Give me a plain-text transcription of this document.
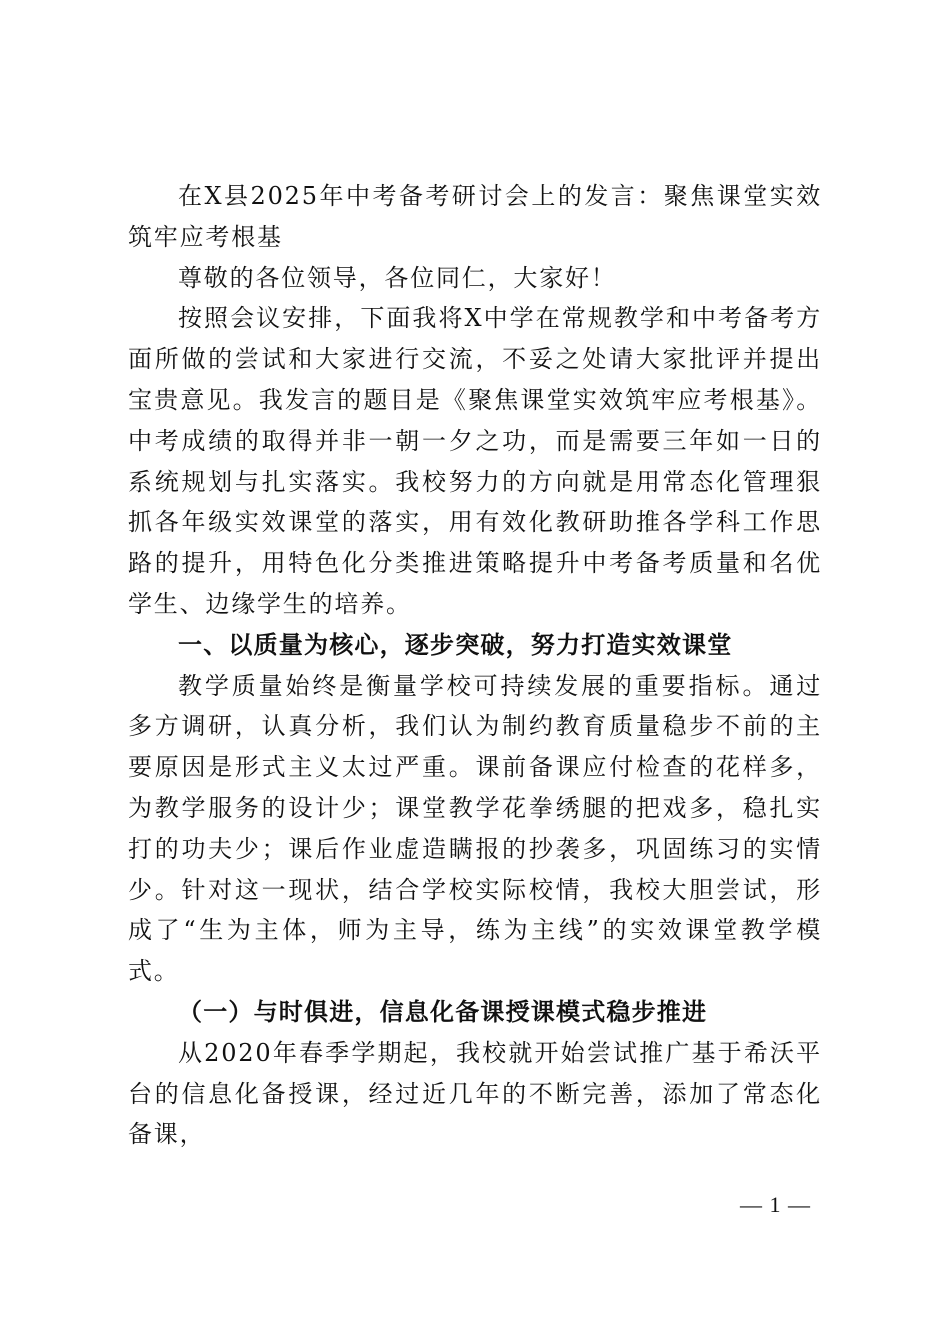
在X县2025年中考备考研讨会上的发言：聚焦课堂实效筑牢应考根基

尊敬的各位领导，各位同仁，大家好！

按照会议安排，下面我将X中学在常规教学和中考备考方面所做的尝试和大家进行交流，不妥之处请大家批评并提出宝贵意见。我发言的题目是《聚焦课堂实效筑牢应考根基》。中考成绩的取得并非一朝一夕之功，而是需要三年如一日的系统规划与扎实落实。我校努力的方向就是用常态化管理狠抓各年级实效课堂的落实，用有效化教研助推各学科工作思路的提升，用特色化分类推进策略提升中考备考质量和名优学生、边缘学生的培养。

一、以质量为核心，逐步突破，努力打造实效课堂

教学质量始终是衡量学校可持续发展的重要指标。通过多方调研，认真分析，我们认为制约教育质量稳步不前的主要原因是形式主义太过严重。课前备课应付检查的花样多，为教学服务的设计少；课堂教学花拳绣腿的把戏多，稳扎实打的功夫少；课后作业虚造瞒报的抄袭多，巩固练习的实情少。针对这一现状，结合学校实际校情，我校大胆尝试，形成了“生为主体，师为主导，练为主线”的实效课堂教学模式。

（一）与时俱进，信息化备课授课模式稳步推进

从2020年春季学期起，我校就开始尝试推广基于希沃平台的信息化备授课，经过近几年的不断完善，添加了常态化备课，

— 1 —
